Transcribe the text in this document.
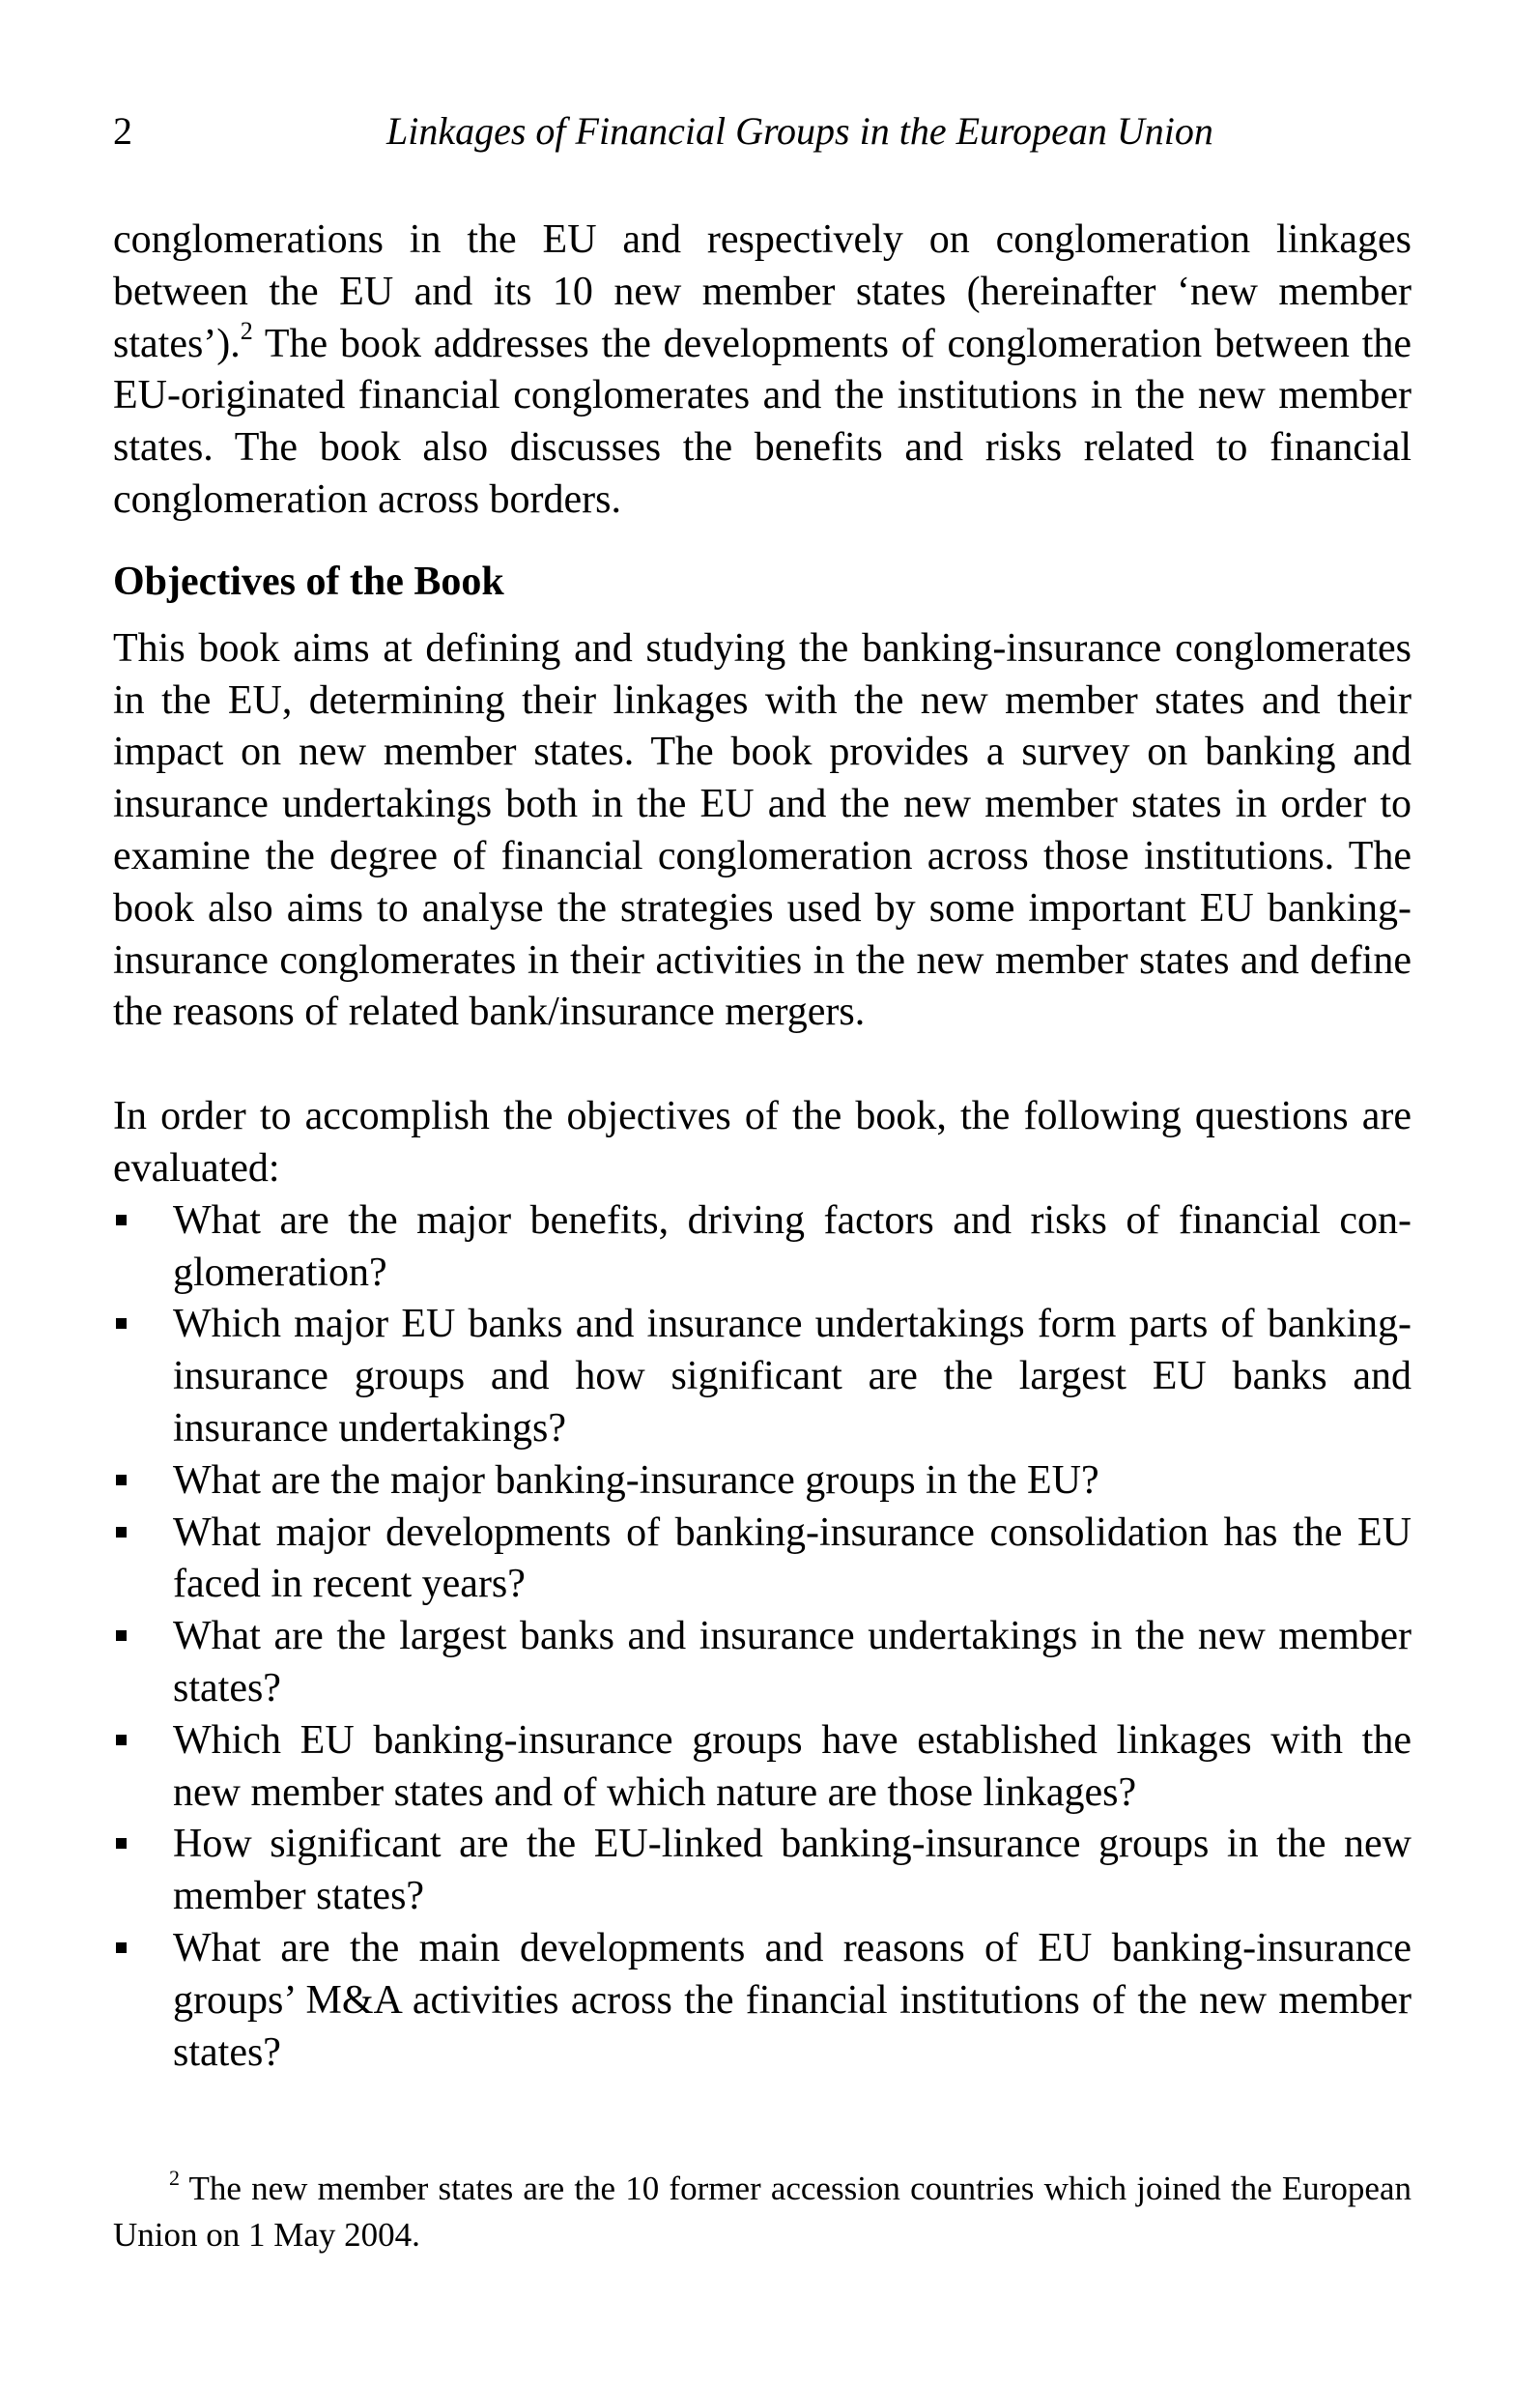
2	Linkages of Financial Groups in the European Union

conglomerations in the EU and respectively on conglomeration linkages between the EU and its 10 new member states (hereinafter ‘new member states’).$^2$ The book addresses the developments of conglomeration between the EU-originated financial conglomerates and the institutions in the new member states. The book also discusses the benefits and risks related to financial conglomeration across borders.

Objectives of the Book

This book aims at defining and studying the banking-insurance conglomerates in the EU, determining their linkages with the new member states and their impact on new member states. The book provides a survey on banking and insurance undertakings both in the EU and the new member states in order to examine the degree of financial conglomeration across those institutions. The book also aims to analyse the strategies used by some important EU banking-insurance conglomerates in their activities in the new member states and define the reasons of related bank/insurance mergers.

In order to accomplish the objectives of the book, the following questions are evaluated:

What are the major benefits, driving factors and risks of financial conglomeration?
Which major EU banks and insurance undertakings form parts of banking-insurance groups and how significant are the largest EU banks and insurance undertakings?
What are the major banking-insurance groups in the EU?
What major developments of banking-insurance consolidation has the EU faced in recent years?
What are the largest banks and insurance undertakings in the new member states?
Which EU banking-insurance groups have established linkages with the new member states and of which nature are those linkages?
How significant are the EU-linked banking-insurance groups in the new member states?
What are the main developments and reasons of EU banking-insurance groups’ M&A activities across the financial institutions of the new member states?

$^2$ The new member states are the 10 former accession countries which joined the European Union on 1 May 2004.
